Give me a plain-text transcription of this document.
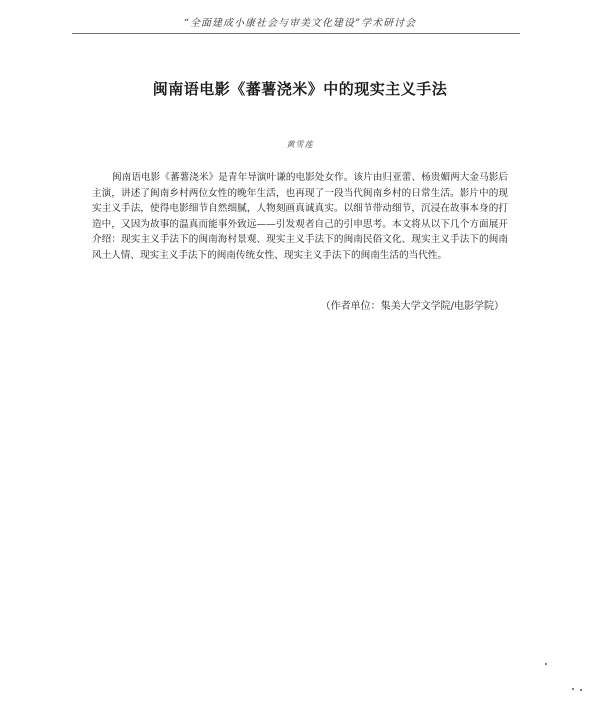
“全面建成小康社会与审美文化建设”学术研讨会
闽南语电影《蕃薯浇米》中的现实主义手法
黄雪莲

闽南语电影《蕃薯浇米》是青年导演叶谦的电影处女作。该片由归亚蕾、杨贵媚两大金马影后主演，讲述了闽南乡村两位女性的晚年生活，也再现了一段当代闽南乡村的日常生活。影片中的现实主义手法，使得电影细节自然细腻，人物刻画真诚真实。以细节带动细节，沉浸在故事本身的打造中，又因为故事的温真而能事外致远——引发观者自己的引申思考。本文将从以下几个方面展开介绍：现实主义手法下的闽南海村景观、现实主义手法下的闽南民俗文化、现实主义手法下的闽南风土人情、现实主义手法下的闽南传统女性、现实主义手法下的闽南生活的当代性。

（作者单位：集美大学文学院/电影学院）
